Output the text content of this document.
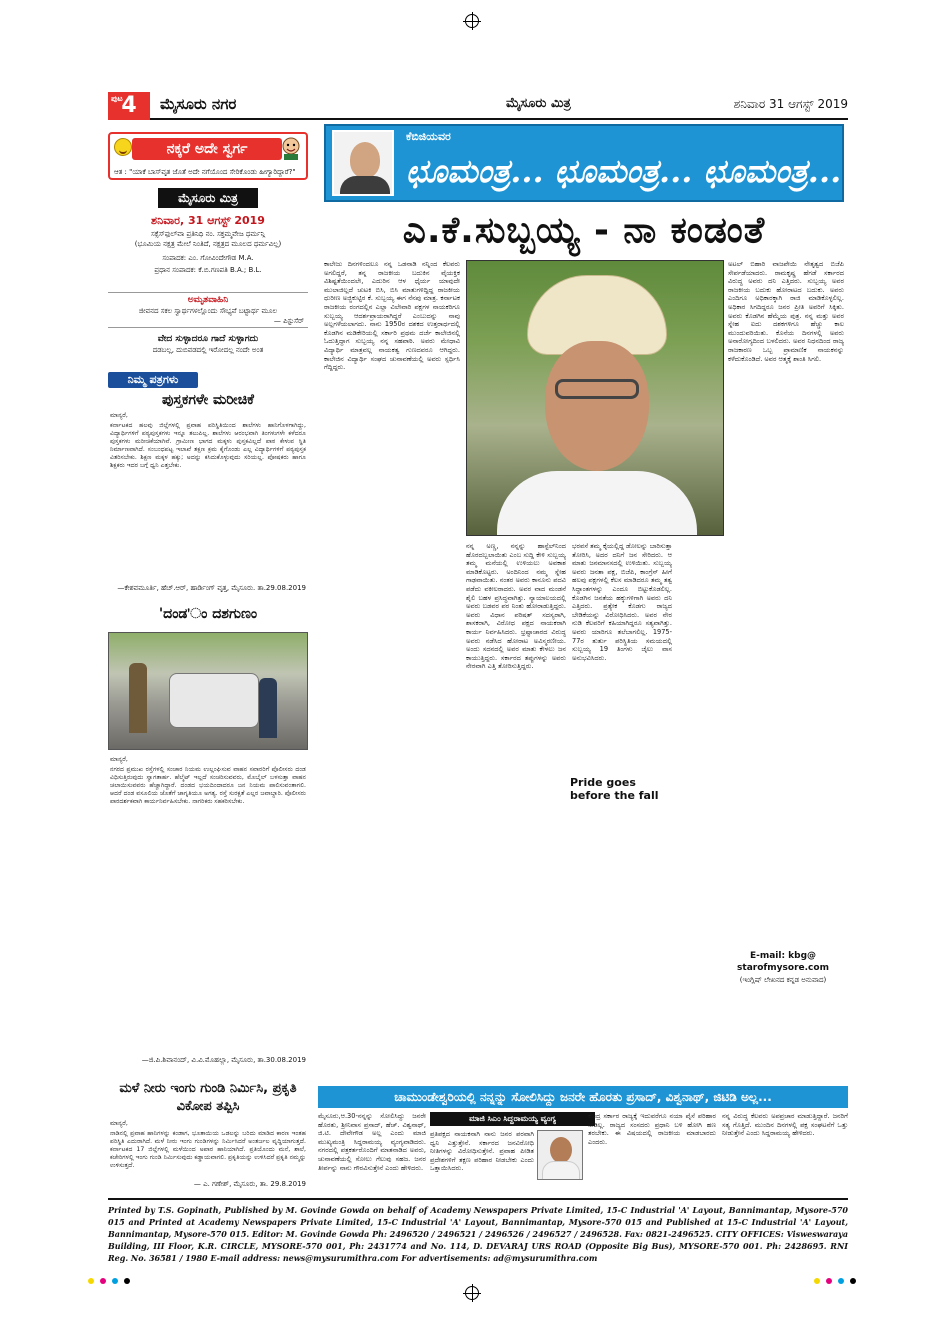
ಪುಟ
4	ಮೈಸೂರು ನಗರ	ಮೈಸೂರು ಮಿತ್ರ	ಶನಿವಾರ 31 ಆಗಸ್ಟ್ 2019
ನಕ್ಕರೆ ಅದೇ ಸ್ವರ್ಗ
ಆತ : "ಯಾಕೆ ಬಾಸ್‌ವೃತ ಜೊತೆ ಅದೇ ನಗೆಯೊಂದ ಸೇರಿಕೊಂಡು ಹೀಗ್ಯಾರಿದ್ದಾರೆ?"
ಮೈಸೂರು ಮಿತ್ರ
ಶನಿವಾರ, 31 ಆಗಸ್ಟ್ 2019
ಸಕ್ಸೆಸ್‌ಫುಲ್‌ವಾ ಪ್ರತಿನಿಧಿ ನಂ. ಸಕ್ತಮ್ಮವೇಜ ಧರ್ಮನ್ಗಿ
(ಭೂಮಿಯ ನಕ್ಷತ್ರ ಮೇಲೆ ನಿಂತಿದೆ, ನಕ್ಷತ್ರದ ಮೂಲದ ಧರ್ಮವಿಲ್ಲ)
ಸಂಪಾದಕ: ಎಂ. ಗೋವಿಂದೇಗೌಡ M.A.
ಪ್ರಧಾನ ಸಂಪಾದಕ: ಕೆ.ಬಿ.ಗಣಪತಿ B.A.; B.L.
ಅಮೃತವಾಹಿನಿ
ಜೀವನದ ಸಕಲ ಸ್ವಾರ್ಥಗಳಲ್ಲೊಂದು ಸೌಭ್ಯವೆ ಬಟ್ಟಾರ್ಥ ಮೂಲ
— ಪಿಸ್ಟುಸೆರ್
ವೇದ ಸುಳ್ಳಾದರೂ ಗಾದೆ ಸುಳ್ಳಾಗದು
ದಡಬಲ್ಲ, ದುಬಿವಡದಲ್ಲಿ ಇರೋದಲ್ಲ ನಂದೇ ಅಂತ
ನಿಮ್ಮ ಪತ್ರಗಳು
ಪುಸ್ತಕಗಳೇ ಮರೀಚಿಕೆ
ಮಾನ್ಯರೆ,
ಕರ್ನಾಟಕದ ಹಲವು ಜಿಲ್ಲೆಗಳಲ್ಲಿ ಪ್ರವಾಹ ಪರಿಸ್ಥಿತಿಯಿಂದ ಶಾಲೆಗಳು ಹಾನಿಗೊಳಗಾಗಿದ್ದು, ವಿದ್ಯಾರ್ಥಿಗಳಿಗೆ ಪಠ್ಯಪುಸ್ತಕಗಳು ಇನ್ನೂ ತಲುಪಿಲ್ಲ. ಶಾಲೆಗಳು ಆರಂಭವಾಗಿ ತಿಂಗಳುಗಳೇ ಕಳೆದರೂ ಪುಸ್ತಕಗಳು ಮರೀಚಿಕೆಯಾಗಿವೆ. ಗ್ರಾಮೀಣ ಭಾಗದ ಮಕ್ಕಳು ಪುಸ್ತಕವಿಲ್ಲದೆ ಪಾಠ ಕೇಳುವ ಸ್ಥಿತಿ ನಿರ್ಮಾಣವಾಗಿದೆ. ಸಂಬಂಧಪಟ್ಟ ಇಲಾಖೆ ತಕ್ಷಣ ಕ್ರಮ ಕೈಗೊಂಡು ಎಲ್ಲ ವಿದ್ಯಾರ್ಥಿಗಳಿಗೆ ಪಠ್ಯಪುಸ್ತಕ ವಿತರಿಸಬೇಕು. ಶಿಕ್ಷಣ ಮಕ್ಕಳ ಹಕ್ಕು; ಅದನ್ನು ಕಸಿದುಕೊಳ್ಳುವುದು ಸರಿಯಲ್ಲ. ಪೋಷಕರು ಹಾಗೂ ಶಿಕ್ಷಕರು ಇದರ ಬಗ್ಗೆ ಧ್ವನಿ ಎತ್ತಬೇಕು.
—ಕೇಶವಮೂರ್ತಿ, ಹೆಚ್.ಆರ್, ಹಾರ್ಡಿಂಗ್ ವೃತ್ತ, ಮೈಸೂರು. ತಾ.29.08.2019
'ದಂಡ'ಂ ದಶಗುಣಂ
ಮಾನ್ಯರೆ,
ನಗರದ ಪ್ರಮುಖ ರಸ್ತೆಗಳಲ್ಲಿ ಸಂಚಾರ ನಿಯಮ ಉಲ್ಲಂಘಿಸುವ ವಾಹನ ಸವಾರರಿಗೆ ಪೊಲೀಸರು ದಂಡ ವಿಧಿಸುತ್ತಿರುವುದು ಸ್ವಾಗತಾರ್ಹ. ಹೆಲ್ಮೆಟ್ ಇಲ್ಲದೆ ಸಂಚರಿಸುವವರು, ಮೊಬೈಲ್ ಬಳಸುತ್ತಾ ವಾಹನ ಚಲಾಯಿಸುವವರು ಹೆಚ್ಚಾಗಿದ್ದಾರೆ. ದಂಡದ ಭಯದಿಂದಾದರೂ ಜನ ನಿಯಮ ಪಾಲಿಸುವಂತಾಗಲಿ. ಆದರೆ ದಂಡ ವಸೂಲಿಯ ಜೊತೆಗೆ ಜಾಗೃತಿಯೂ ಅಗತ್ಯ. ರಸ್ತೆ ಸುರಕ್ಷತೆ ಎಲ್ಲರ ಜವಾಬ್ದಾರಿ. ಪೊಲೀಸರು ಪಾರದರ್ಶಕವಾಗಿ ಕಾರ್ಯನಿರ್ವಹಿಸಬೇಕು. ನಾಗರಿಕರು ಸಹಕರಿಸಬೇಕು.
—ಜಿ.ಪಿ.ಶಿವಾನಂದ್, ವಿ.ವಿ.ಮೊಹಲ್ಲಾ, ಮೈಸೂರು, ತಾ.30.08.2019
ಮಳೆ ನೀರು ಇಂಗು ಗುಂಡಿ ನಿರ್ಮಿಸಿ, ಪ್ರಕೃತಿ ವಿಕೋಪ ತಪ್ಪಿಸಿ
ಮಾನ್ಯರೆ,
ನಾಡಿನಲ್ಲಿ ಪ್ರವಾಹ ಹಾನಿಗಳನ್ನು ಕಂಡಾಗ, ಭೂತಾಯಿಯ ಒಡಲನ್ನು ಬರಿದು ಮಾಡಿದ ಕಾರಣ ಇಂತಹ ಪರಿಸ್ಥಿತಿ ಎದುರಾಗಿದೆ. ಮಳೆ ನೀರು ಇಂಗು ಗುಂಡಿಗಳನ್ನು ನಿರ್ಮಿಸಿದರೆ ಅಂತರ್ಜಲ ವೃದ್ಧಿಯಾಗುತ್ತದೆ. ಕರ್ನಾಟಕದ 17 ಜಿಲ್ಲೆಗಳಲ್ಲಿ ಮಳೆಯಿಂದ ಅಪಾರ ಹಾನಿಯಾಗಿದೆ. ಪ್ರತಿಯೊಂದು ಮನೆ, ಶಾಲೆ, ಕಚೇರಿಗಳಲ್ಲಿ ಇಂಗು ಗುಂಡಿ ನಿರ್ಮಿಸುವುದು ಕಡ್ಡಾಯವಾಗಲಿ. ಪ್ರಕೃತಿಯನ್ನು ಉಳಿಸಿದರೆ ಪ್ರಕೃತಿ ನಮ್ಮನ್ನು ಉಳಿಸುತ್ತದೆ.
— ಎ. ಗಣೇಶ್, ಮೈಸೂರು, ತಾ. 29.8.2019
ಕೆಬಿಜಿಯವರ
ಛೂಮಂತ್ರ... ಛೂಮಂತ್ರ... ಛೂಮಂತ್ರ...
ಎ.ಕೆ.ಸುಬ್ಬಯ್ಯ - ನಾ ಕಂಡಂತೆ
ಕಾಲೇಜು ದಿನಗಳಿಂದಲೂ ನನ್ನ ಒಡನಾಡಿ ನನ್ನಿಂದ ಕೆಲವರು ಅಗಲಿದ್ದರೆ, ತನ್ನ ರಾಜಕೀಯ ಬದುಕಿನ ವೈಯಕ್ತಿಕ ವಿಶಿಷ್ಟತೆಯಿಂದಲೇ, ಎದುರಿನ ಆಳ ಧೈರ್ಯ ಯಾವುದೇ ಮುಲಾಜಿಲ್ಲದೆ ಚುಟಕಿ ಬಿಸಿ, ಬಿಸಿ ಮಾತುಗಳಿದ್ದಿದ್ದ ರಾಜಕೀಯ ಧುರೀಣ ಅಜ್ಜಿಕುಟ್ಟಿರ ಕೆ. ಸುಬ್ಬಯ್ಯ ಈಗ ನೆನಪು ಮಾತ್ರ. ಕರ್ನಾಟಕ ರಾಜಕೀಯ ರಂಗದಲ್ಲಿನ ಎಲ್ಲಾ ವಿಲೇವಾರಿ ಪಕ್ಷಗಳ ನಾಯಕರಿಗೂ ಸುಬ್ಬಯ್ಯ ಆದರ್ಶಪ್ರಾಯರಾಗಿದ್ದರೆ ಎಂಬುದನ್ನು ನಾವು ಅಲ್ಲಗಳೆಯಲಾಗದು. ನಾನು 1950ರ ದಶಕದ ಉತ್ತರಾರ್ಧದಲ್ಲಿ ಕೊಡಗಿನ ಮಡಿಕೇರಿಯಲ್ಲಿ ಸರ್ಕಾರಿ ಪ್ರಥಮ ದರ್ಜೆ ಕಾಲೇಜಿನಲ್ಲಿ ಓದುತ್ತಿದ್ದಾಗ ಸುಬ್ಬಯ್ಯ ನನ್ನ ಸಹಪಾಠಿ. ಅವರು ಮೇಧಾವಿ ವಿದ್ಯಾರ್ಥಿ ಮಾತ್ರವಲ್ಲ ನಾಯಕತ್ವ ಗುಣದವರೂ ಆಗಿದ್ದರು. ಕಾಲೇಜಿನ ವಿದ್ಯಾರ್ಥಿ ಸಂಘದ ಚುನಾವಣೆಯಲ್ಲಿ ಅವರು ಸ್ಪರ್ಧಿಸಿ ಗೆದ್ದಿದ್ದರು.
ನನ್ನ ಅಣ್ಣ, ನನ್ನನ್ನು ಹಾಸ್ಟೆಲ್‌ನಿಂದ ಹೊರದಬ್ಬಲಾಯಿತು ಎಂಬ ಸುದ್ದಿ ಕೇಳಿ ಸುಬ್ಬಯ್ಯ ತಮ್ಮ ಮನೆಯಲ್ಲಿ ಉಳಿಯಲು ಅವಕಾಶ ಮಾಡಿಕೊಟ್ಟರು. ಅಂದಿನಿಂದ ನಮ್ಮ ಸ್ನೇಹ ಗಾಢವಾಯಿತು. ನಂತರ ಅವರು ಕಾನೂನು ಪದವಿ ಪಡೆದು ವಕೀಲರಾದರು. ಅವರ ವಾದ ಮಂಡನೆ ಶೈಲಿ ಬಹಳ ಪ್ರಸಿದ್ಧವಾಗಿತ್ತು. ನ್ಯಾಯಾಲಯದಲ್ಲಿ ಅವರು ಬಡವರ ಪರ ನಿಂತು ಹೋರಾಡುತ್ತಿದ್ದರು. ಅವರು ವಿಧಾನ ಪರಿಷತ್ ಸದಸ್ಯರಾಗಿ, ಶಾಸಕರಾಗಿ, ವಿರೋಧ ಪಕ್ಷದ ನಾಯಕರಾಗಿ ಕಾರ್ಯ ನಿರ್ವಹಿಸಿದರು. ಭ್ರಷ್ಟಾಚಾರದ ವಿರುದ್ಧ ಅವರು ನಡೆಸಿದ ಹೋರಾಟ ಅವಿಸ್ಮರಣೀಯ. ಅಂದು ಸದನದಲ್ಲಿ ಅವರ ಮಾತು ಕೇಳಲು ಜನ ಕಾಯುತ್ತಿದ್ದರು. ಸರ್ಕಾರದ ತಪ್ಪುಗಳನ್ನು ಅವರು ನೇರವಾಗಿ ಎತ್ತಿ ತೋರಿಸುತ್ತಿದ್ದರು.
ಭರವಸೆ ತಮ್ಮ ಕೈಯಲ್ಲಿದ್ದ ಡೋಲನ್ನು ಬಾರಿಸುತ್ತಾ ತೋರಿಸಿ, ಅದರ ದನಿಗೆ ಜನ ಸೇರಿದರು. ಆ ಮಾತು ಜನಮಾನಸದಲ್ಲಿ ಉಳಿಯಿತು. ಸುಬ್ಬಯ್ಯ ಅವರು ಜನತಾ ಪಕ್ಷ, ಬಿಜೆಪಿ, ಕಾಂಗ್ರೆಸ್ ಹೀಗೆ ಹಲವು ಪಕ್ಷಗಳಲ್ಲಿ ಕೆಲಸ ಮಾಡಿದರೂ ತಮ್ಮ ತತ್ವ ಸಿದ್ಧಾಂತಗಳನ್ನು ಎಂದೂ ಬಿಟ್ಟುಕೊಡಲಿಲ್ಲ. ಕೊಡಗಿನ ಜನತೆಯ ಹಕ್ಕುಗಳಿಗಾಗಿ ಅವರು ದನಿ ಎತ್ತಿದರು. ಪ್ರತ್ಯೇಕ ಕೊಡಗು ರಾಜ್ಯದ ಬೇಡಿಕೆಯನ್ನು ವಿರೋಧಿಸಿದರು. ಅವರ ನೇರ ನುಡಿ ಕೆಲವರಿಗೆ ಕಹಿಯಾಗಿದ್ದರೂ ಸತ್ಯವಾಗಿತ್ತು. ಅವರು ಯಾರಿಗೂ ತಲೆಬಾಗಲಿಲ್ಲ. 1975-77ರ ತುರ್ತು ಪರಿಸ್ಥಿತಿಯ ಸಮಯದಲ್ಲಿ ಸುಬ್ಬಯ್ಯ 19 ತಿಂಗಳು ಜೈಲು ವಾಸ ಅನುಭವಿಸಿದರು.
Pride goes before the fall
ಅಟಲ್ ಬಿಹಾರಿ ವಾಜಪೇಯಿ ನೇತೃತ್ವದ ಬಿಜೆಪಿ ಸೇರ್ಪಡೆಯಾದರು. ರಾಮಕೃಷ್ಣ ಹೆಗಡೆ ಸರ್ಕಾರದ ವಿರುದ್ಧ ಅವರು ದನಿ ಎತ್ತಿದರು. ಸುಬ್ಬಯ್ಯ ಅವರ ರಾಜಕೀಯ ಬದುಕು ಹೋರಾಟದ ಬದುಕು. ಅವರು ಎಂದಿಗೂ ಅಧಿಕಾರಕ್ಕಾಗಿ ರಾಜಿ ಮಾಡಿಕೊಳ್ಳಲಿಲ್ಲ. ಅಧಿಕಾರ ಸಿಗದಿದ್ದರೂ ಜನರ ಪ್ರೀತಿ ಅವರಿಗೆ ಸಿಕ್ಕಿತು. ಅವರು ಕೊಡಗಿನ ಹೆಮ್ಮೆಯ ಪುತ್ರ. ನನ್ನ ಮತ್ತು ಅವರ ಸ್ನೇಹ ಐದು ದಶಕಗಳಿಗೂ ಹೆಚ್ಚು ಕಾಲ ಮುಂದುವರಿಯಿತು. ಕೊನೆಯ ದಿನಗಳಲ್ಲಿ ಅವರು ಅನಾರೋಗ್ಯದಿಂದ ಬಳಲಿದರು. ಅವರ ನಿಧನದಿಂದ ರಾಜ್ಯ ರಾಜಕಾರಣ ಒಬ್ಬ ಪ್ರಾಮಾಣಿಕ ನಾಯಕನನ್ನು ಕಳೆದುಕೊಂಡಿದೆ. ಅವರ ಆತ್ಮಕ್ಕೆ ಶಾಂತಿ ಸಿಗಲಿ.
E-mail: kbg@
starofmysore.com
(ಇಂಗ್ಲಿಷ್ ಲೇಖನದ ಕನ್ನಡ ಅನುವಾದ)
ಚಾಮುಂಡೇಶ್ವರಿಯಲ್ಲಿ ನನ್ನನ್ನು ಸೋಲಿಸಿದ್ದು ಜನರೇ ಹೊರತು ಪ್ರಸಾದ್, ವಿಶ್ವನಾಥ್, ಜಿಟಿಡಿ ಅಲ್ಲ...
ಮಾಜಿ ಸಿಎಂ ಸಿದ್ದರಾಮಯ್ಯ ವ್ಯಂಗ್ಯ
ಮೈಸೂರು,ಆ.30-ನನ್ನನ್ನು ಸೋಲಿಸಿದ್ದು ಜನರೇ ಹೊರತು, ಶ್ರೀನಿವಾಸ ಪ್ರಸಾದ್, ಹೆಚ್. ವಿಶ್ವನಾಥ್, ಜಿ.ಟಿ. ದೇವೇಗೌಡ ಅಲ್ಲ ಎಂದು ಮಾಜಿ ಮುಖ್ಯಮಂತ್ರಿ ಸಿದ್ದರಾಮಯ್ಯ ವ್ಯಂಗ್ಯವಾಡಿದರು. ನಗರದಲ್ಲಿ ಪತ್ರಕರ್ತರೊಂದಿಗೆ ಮಾತನಾಡಿದ ಅವರು, ಚುನಾವಣೆಯಲ್ಲಿ ಸೋಲು ಗೆಲುವು ಸಹಜ. ಜನರ ತೀರ್ಪನ್ನು ನಾನು ಗೌರವಿಸುತ್ತೇನೆ ಎಂದು ಹೇಳಿದರು.
ಪ್ರತಿಪಕ್ಷದ ನಾಯಕನಾಗಿ ನಾನು ಜನರ ಪರವಾಗಿ ಧ್ವನಿ ಎತ್ತುತ್ತೇನೆ. ಸರ್ಕಾರದ ಜನವಿರೋಧಿ ನೀತಿಗಳನ್ನು ವಿರೋಧಿಸುತ್ತೇನೆ. ಪ್ರವಾಹ ಪೀಡಿತ ಪ್ರದೇಶಗಳಿಗೆ ತಕ್ಷಣ ಪರಿಹಾರ ನೀಡಬೇಕು ಎಂದು ಒತ್ತಾಯಿಸಿದರು.
ಕೇಂದ್ರ ಸರ್ಕಾರ ರಾಜ್ಯಕ್ಕೆ ಇದುವರೆಗೂ ನಯಾ ಪೈಸೆ ಪರಿಹಾರ ನೀಡಿಲ್ಲ. ರಾಜ್ಯದ ಸಂಸದರು ಪ್ರಧಾನಿ ಬಳಿ ಹೋಗಿ ಹಣ ತರಬೇಕು. ಈ ವಿಷಯದಲ್ಲಿ ರಾಜಕೀಯ ಮಾಡಬಾರದು ಎಂದರು.
ನನ್ನ ವಿರುದ್ಧ ಕೆಲವರು ಅಪಪ್ರಚಾರ ಮಾಡುತ್ತಿದ್ದಾರೆ. ಜನರಿಗೆ ಸತ್ಯ ಗೊತ್ತಿದೆ. ಮುಂದಿನ ದಿನಗಳಲ್ಲಿ ಪಕ್ಷ ಸಂಘಟನೆಗೆ ಒತ್ತು ನೀಡುತ್ತೇನೆ ಎಂದು ಸಿದ್ದರಾಮಯ್ಯ ಹೇಳಿದರು.
Printed by T.S. Gopinath, Published by M. Govinde Gowda on behalf of Academy Newspapers Private Limited, 15-C Industrial 'A' Layout, Bannimantap, Mysore-570 015 and Printed at Academy Newspapers Private Limited, 15-C Industrial 'A' Layout, Bannimantap, Mysore-570 015 and Published at 15-C Industrial 'A' Layout, Bannimantap, Mysore-570 015. Editor: M. Govinde Gowda Ph: 2496520 / 2496521 / 2496526 / 2496527 / 2496528. Fax: 0821-2496525. CITY OFFICES: Visweswaraya Building, III Floor, K.R. CIRCLE, MYSORE-570 001, Ph: 2431774 and No. 114, D. DEVARAJ URS ROAD (Opposite Big Bus), MYSORE-570 001. Ph: 2428695. RNI Reg. No. 36581 / 1980 E-mail address: news@mysurumithra.com For advertisements: ad@mysurumithra.com
